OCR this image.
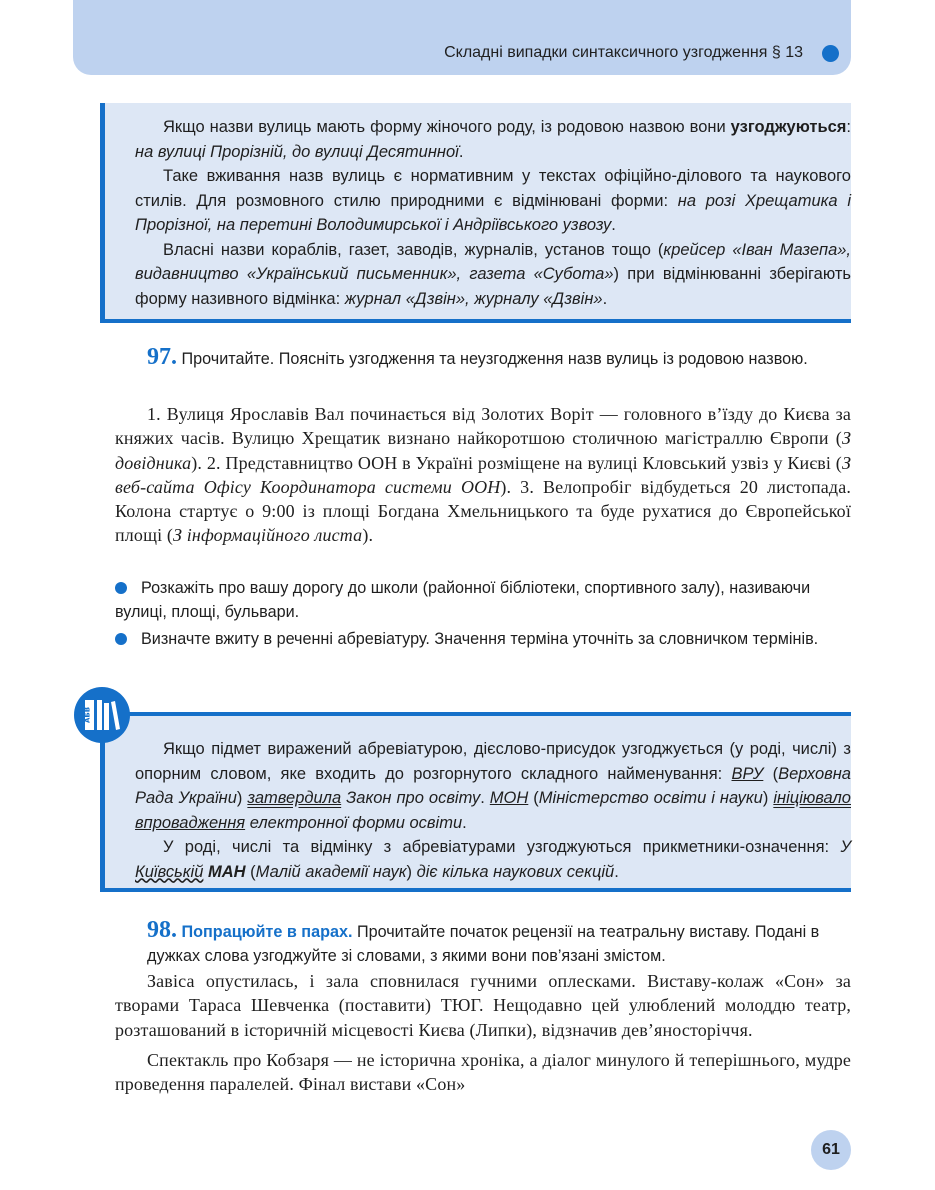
Складні випадки синтаксичного узгодження § 13

Якщо назви вулиць мають форму жіночого роду, із родовою назвою вони узгоджуються: на вулиці Прорізній, до вулиці Десятинної.

Таке вживання назв вулиць є нормативним у текстах офіційно-ділового та наукового стилів. Для розмовного стилю природними є відмінювані форми: на розі Хрещатика і Прорізної, на перетині Володимирської і Андріївського узвозу.

Власні назви кораблів, газет, заводів, журналів, установ тощо (крейсер «Іван Мазепа», видавництво «Український письменник», газета «Субота») при відмінюванні зберігають форму називного відмінка: журнал «Дзвін», журналу «Дзвін».

97. Прочитайте. Поясніть узгодження та неузгодження назв вулиць із родовою назвою.

1. Вулиця Ярославів Вал починається від Золотих Воріт — головного в’їзду до Києва за княжих часів. Вулицю Хрещатик визнано найкоротшою столичною магістраллю Європи (З довідника). 2. Представництво ООН в Україні розміщене на вулиці Кловський узвіз у Києві (З веб-сайта Офісу Координатора системи ООН). 3. Велопробіг відбудеться 20 листопада. Колона стартує о 9:00 із площі Богдана Хмельницького та буде рухатися до Європейської площі (З інформаційного листа).

Розкажіть про вашу дорогу до школи (районної бібліотеки, спортивного залу), називаючи вулиці, площі, бульвари.
Визначте вжиту в реченні абревіатуру. Значення терміна уточніть за словничком термінів.

Якщо підмет виражений абревіатурою, дієслово-присудок узгоджується (у роді, числі) з опорним словом, яке входить до розгорнутого складного найменування: ВРУ (Верховна Рада України) затвердила Закон про освіту. МОН (Міністерство освіти і науки) ініціювало впровадження електронної форми освіти.

У роді, числі та відмінку з абревіатурами узгоджуються прикметники-означення: У Київській МАН (Малій академії наук) діє кілька наукових секцій.

АБВ
98. Попрацюйте в парах. Прочитайте початок рецензії на театральну виставу. Подані в дужках слова узгоджуйте зі словами, з якими вони пов’язані змістом.

Завіса опустилась, і зала сповнилася гучними оплесками. Виставу-колаж «Сон» за творами Тараса Шевченка (поставити) ТЮГ. Нещодавно цей улюблений молоддю театр, розташований в історичній місцевості Києва (Липки), відзначив дев’яносторіччя.

Спектакль про Кобзаря — не історична хроніка, а діалог минулого й теперішнього, мудре проведення паралелей. Фінал вистави «Сон»

61
